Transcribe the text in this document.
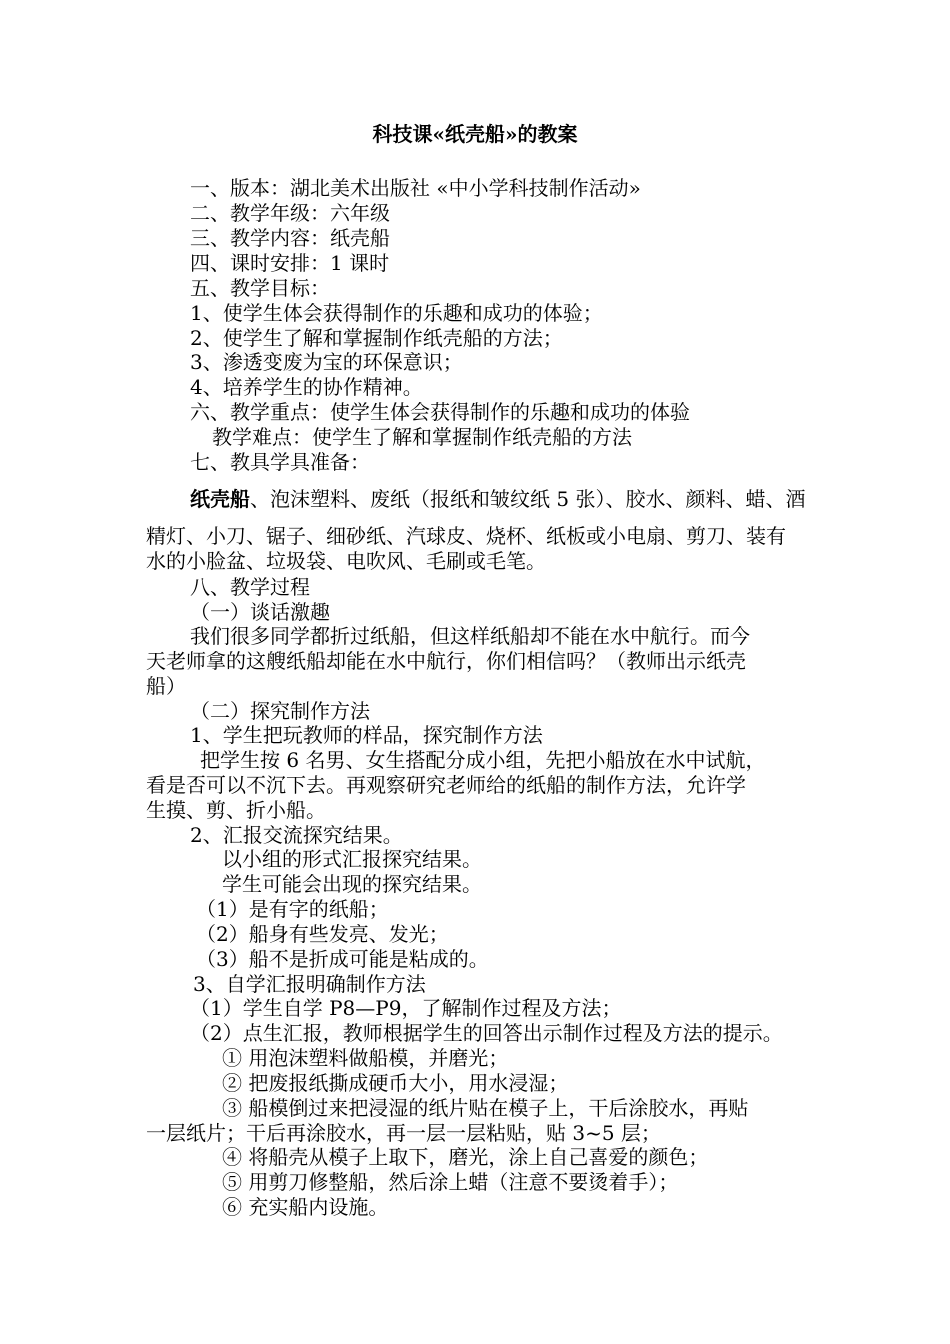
科技课«纸壳船»的教案

一、版本：湖北美术出版社 «中小学科技制作活动»

二、教学年级：六年级

三、教学内容：纸壳船

四、课时安排：1 课时

五、教学目标：

1、使学生体会获得制作的乐趣和成功的体验；

2、使学生了解和掌握制作纸壳船的方法；

3、渗透变废为宝的环保意识；

4、培养学生的协作精神。

六、教学重点：使学生体会获得制作的乐趣和成功的体验

教学难点：使学生了解和掌握制作纸壳船的方法

七、教具学具准备：

纸壳船、泡沫塑料、废纸（报纸和皱纹纸 5 张）、胶水、颜料、蜡、酒

精灯、小刀、锯子、细砂纸、汽球皮、烧杯、纸板或小电扇、剪刀、装有

水的小脸盆、垃圾袋、电吹风、毛刷或毛笔。

八、教学过程

（一）谈话激趣

我们很多同学都折过纸船，但这样纸船却不能在水中航行。而今

天老师拿的这艘纸船却能在水中航行，你们相信吗？（教师出示纸壳

船）

（二）探究制作方法

1、学生把玩教师的样品，探究制作方法

把学生按 6 名男、女生搭配分成小组，先把小船放在水中试航，

看是否可以不沉下去。再观察研究老师给的纸船的制作方法，允许学

生摸、剪、折小船。

2、汇报交流探究结果。

以小组的形式汇报探究结果。

学生可能会出现的探究结果。

（1）是有字的纸船；

（2）船身有些发亮、发光；

（3）船不是折成可能是粘成的。

3、自学汇报明确制作方法

（1）学生自学 P8—P9，了解制作过程及方法；

（2）点生汇报，教师根据学生的回答出示制作过程及方法的提示。

① 用泡沫塑料做船模，并磨光；

② 把废报纸撕成硬币大小，用水浸湿；

③ 船模倒过来把浸湿的纸片贴在模子上，干后涂胶水，再贴

一层纸片；干后再涂胶水，再一层一层粘贴，贴 3~5 层；

④ 将船壳从模子上取下，磨光，涂上自己喜爱的颜色；

⑤ 用剪刀修整船，然后涂上蜡（注意不要烫着手）；

⑥ 充实船内设施。
